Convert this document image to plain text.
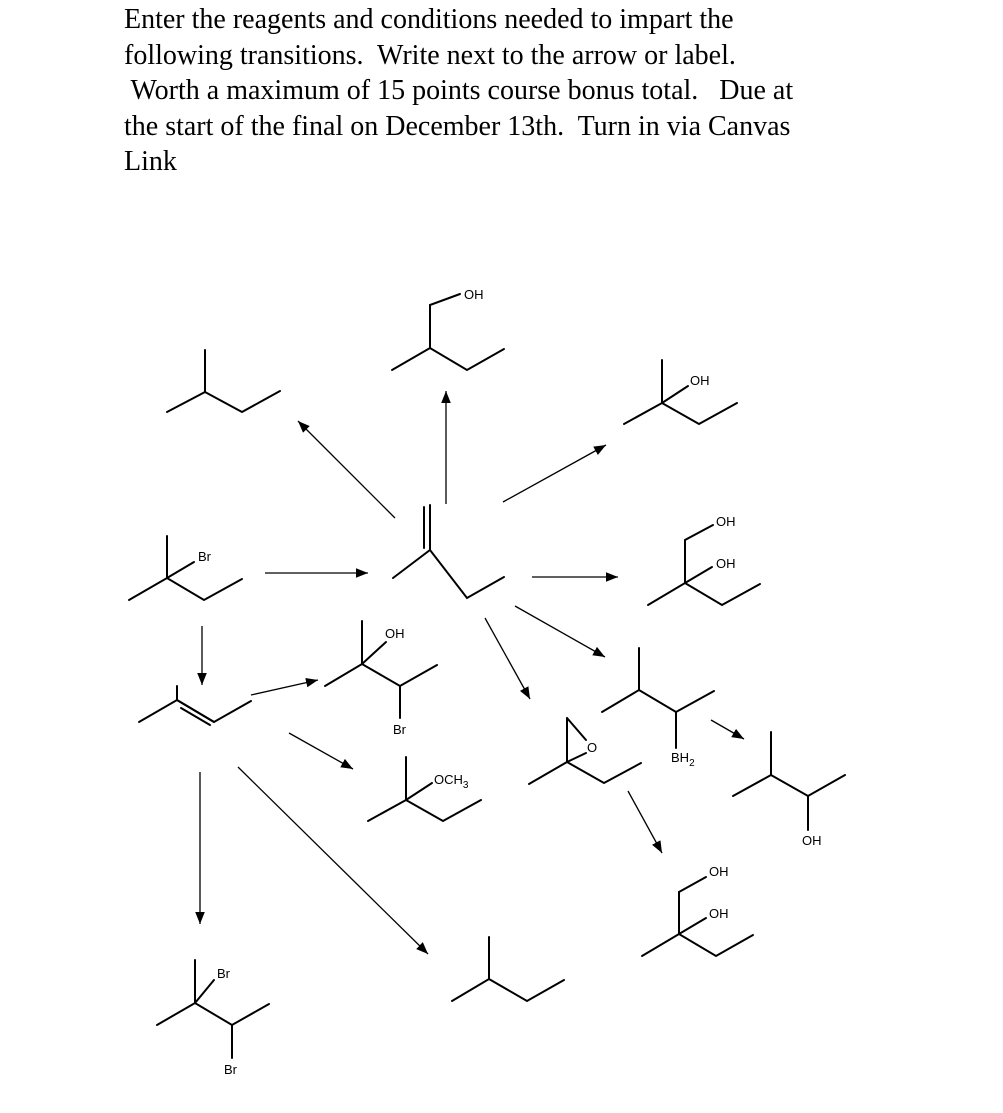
Enter the reagents and conditions needed to impart the
following transitions.  Write next to the arrow or label.
Worth a maximum of 15 points course bonus total.   Due at
the start of the final on December 13th.  Turn in via Canvas
Link
OH
OH
OH
OH
$BH_2$
OH
O
OH
OH
Br
OH
Br
$OCH_3$
Br
Br
